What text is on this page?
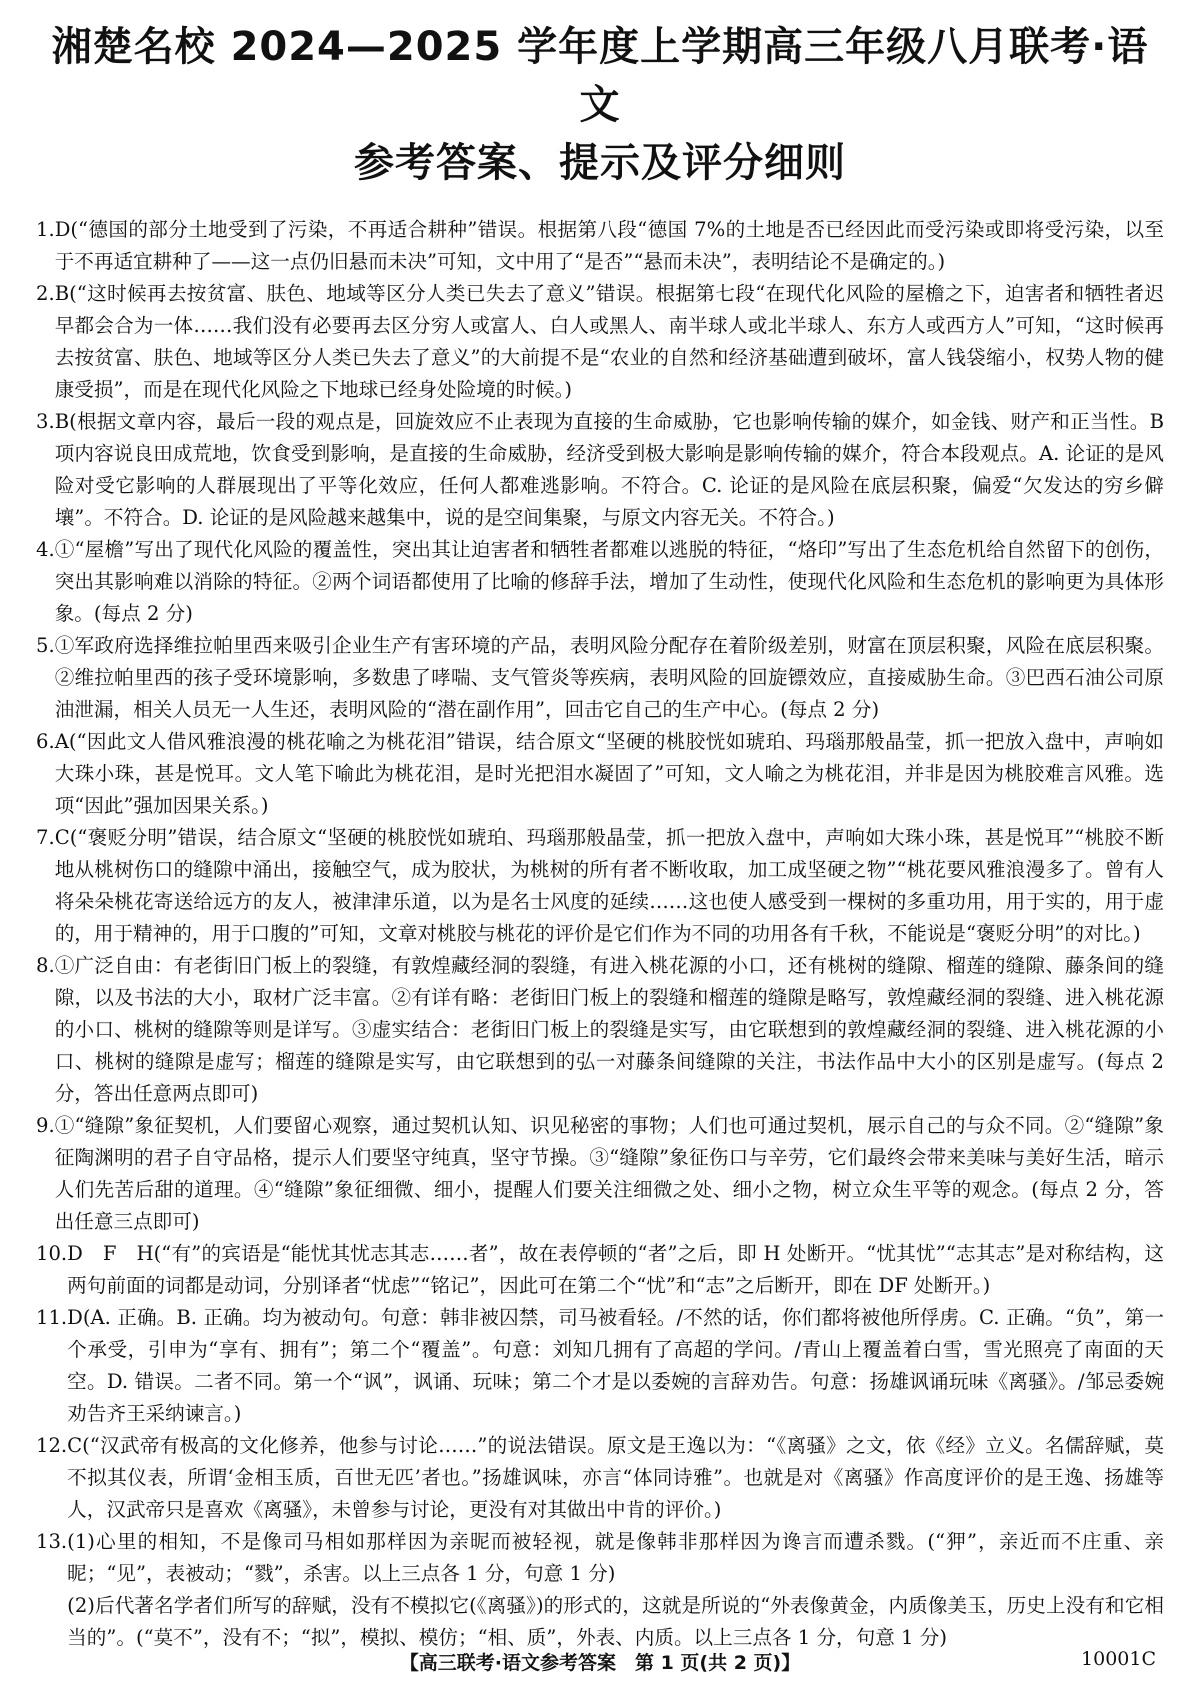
湘楚名校 2024—2025 学年度上学期高三年级八月联考·语文
参考答案、提示及评分细则
1. D(“德国的部分土地受到了污染，不再适合耕种”错误。根据第八段“德国 7%的土地是否已经因此而受污染或即将受污染，以至于不再适宜耕种了——这一点仍旧悬而未决”可知，文中用了“是否”“悬而未决”，表明结论不是确定的。)
2. B(“这时候再去按贫富、肤色、地域等区分人类已失去了意义”错误。根据第七段“在现代化风险的屋檐之下，迫害者和牺牲者迟早都会合为一体……我们没有必要再去区分穷人或富人、白人或黑人、南半球人或北半球人、东方人或西方人”可知，“这时候再去按贫富、肤色、地域等区分人类已失去了意义”的大前提不是“农业的自然和经济基础遭到破坏，富人钱袋缩小，权势人物的健康受损”，而是在现代化风险之下地球已经身处险境的时候。)
3. B(根据文章内容，最后一段的观点是，回旋效应不止表现为直接的生命威胁，它也影响传输的媒介，如金钱、财产和正当性。B 项内容说良田成荒地，饮食受到影响，是直接的生命威胁，经济受到极大影响是影响传输的媒介，符合本段观点。A. 论证的是风险对受它影响的人群展现出了平等化效应，任何人都难逃影响。不符合。C. 论证的是风险在底层积聚，偏爱“欠发达的穷乡僻壤”。不符合。D. 论证的是风险越来越集中，说的是空间集聚，与原文内容无关。不符合。)
4. ①“屋檐”写出了现代化风险的覆盖性，突出其让迫害者和牺牲者都难以逃脱的特征，“烙印”写出了生态危机给自然留下的创伤，突出其影响难以消除的特征。②两个词语都使用了比喻的修辞手法，增加了生动性，使现代化风险和生态危机的影响更为具体形象。(每点 2 分)
5. ①军政府选择维拉帕里西来吸引企业生产有害环境的产品，表明风险分配存在着阶级差别，财富在顶层积聚，风险在底层积聚。②维拉帕里西的孩子受环境影响，多数患了哮喘、支气管炎等疾病，表明风险的回旋镖效应，直接威胁生命。③巴西石油公司原油泄漏，相关人员无一人生还，表明风险的“潜在副作用”，回击它自己的生产中心。(每点 2 分)
6. A(“因此文人借风雅浪漫的桃花喻之为桃花泪”错误，结合原文“坚硬的桃胶恍如琥珀、玛瑙那般晶莹，抓一把放入盘中，声响如大珠小珠，甚是悦耳。文人笔下喻此为桃花泪，是时光把泪水凝固了”可知，文人喻之为桃花泪，并非是因为桃胶难言风雅。选项“因此”强加因果关系。)
7. C(“褒贬分明”错误，结合原文“坚硬的桃胶恍如琥珀、玛瑙那般晶莹，抓一把放入盘中，声响如大珠小珠，甚是悦耳”“桃胶不断地从桃树伤口的缝隙中涌出，接触空气，成为胶状，为桃树的所有者不断收取，加工成坚硬之物”“桃花要风雅浪漫多了。曾有人将朵朵桃花寄送给远方的友人，被津津乐道，以为是名士风度的延续……这也使人感受到一棵树的多重功用，用于实的，用于虚的，用于精神的，用于口腹的”可知，文章对桃胶与桃花的评价是它们作为不同的功用各有千秋，不能说是“褒贬分明”的对比。)
8. ①广泛自由：有老街旧门板上的裂缝，有敦煌藏经洞的裂缝，有进入桃花源的小口，还有桃树的缝隙、榴莲的缝隙、藤条间的缝隙，以及书法的大小，取材广泛丰富。②有详有略：老街旧门板上的裂缝和榴莲的缝隙是略写，敦煌藏经洞的裂缝、进入桃花源的小口、桃树的缝隙等则是详写。③虚实结合：老街旧门板上的裂缝是实写，由它联想到的敦煌藏经洞的裂缝、进入桃花源的小口、桃树的缝隙是虚写；榴莲的缝隙是实写，由它联想到的弘一对藤条间缝隙的关注，书法作品中大小的区别是虚写。(每点 2 分，答出任意两点即可)
9. ①“缝隙”象征契机，人们要留心观察，通过契机认知、识见秘密的事物；人们也可通过契机，展示自己的与众不同。②“缝隙”象征陶渊明的君子自守品格，提示人们要坚守纯真，坚守节操。③“缝隙”象征伤口与辛劳，它们最终会带来美味与美好生活，暗示人们先苦后甜的道理。④“缝隙”象征细微、细小，提醒人们要关注细微之处、细小之物，树立众生平等的观念。(每点 2 分，答出任意三点即可)
10. D　F　H(“有”的宾语是“能忧其忧志其志……者”，故在表停顿的“者”之后，即 H 处断开。“忧其忧”“志其志”是对称结构，这两句前面的词都是动词，分别译者“忧虑”“铭记”，因此可在第二个“忧”和“志”之后断开，即在 DF 处断开。)
11. D(A. 正确。B. 正确。均为被动句。句意：韩非被囚禁，司马被看轻。/不然的话，你们都将被他所俘虏。C. 正确。“负”，第一个承受，引申为“享有、拥有”；第二个“覆盖”。句意：刘知几拥有了高超的学问。/青山上覆盖着白雪，雪光照亮了南面的天空。D. 错误。二者不同。第一个“讽”，讽诵、玩味；第二个才是以委婉的言辞劝告。句意：扬雄讽诵玩味《离骚》。/邹忌委婉劝告齐王采纳谏言。)
12. C(“汉武帝有极高的文化修养，他参与讨论……”的说法错误。原文是王逸以为：“《离骚》之文，依《经》立义。名儒辞赋，莫不拟其仪表，所谓‘金相玉质，百世无匹’者也。”扬雄讽味，亦言“体同诗雅”。也就是对《离骚》作高度评价的是王逸、扬雄等人，汉武帝只是喜欢《离骚》，未曾参与讨论，更没有对其做出中肯的评价。)
13. (1)心里的相知，不是像司马相如那样因为亲昵而被轻视，就是像韩非那样因为谗言而遭杀戮。(“狎”，亲近而不庄重、亲昵；“见”，表被动；“戮”，杀害。以上三点各 1 分，句意 1 分)
(2)后代著名学者们所写的辞赋，没有不模拟它(《离骚》)的形式的，这就是所说的“外表像黄金，内质像美玉，历史上没有和它相当的”。(“莫不”，没有不；“拟”，模拟、模仿；“相、质”，外表、内质。以上三点各 1 分，句意 1 分)
【高三联考·语文参考答案　第 1 页(共 2 页)】	10001C
